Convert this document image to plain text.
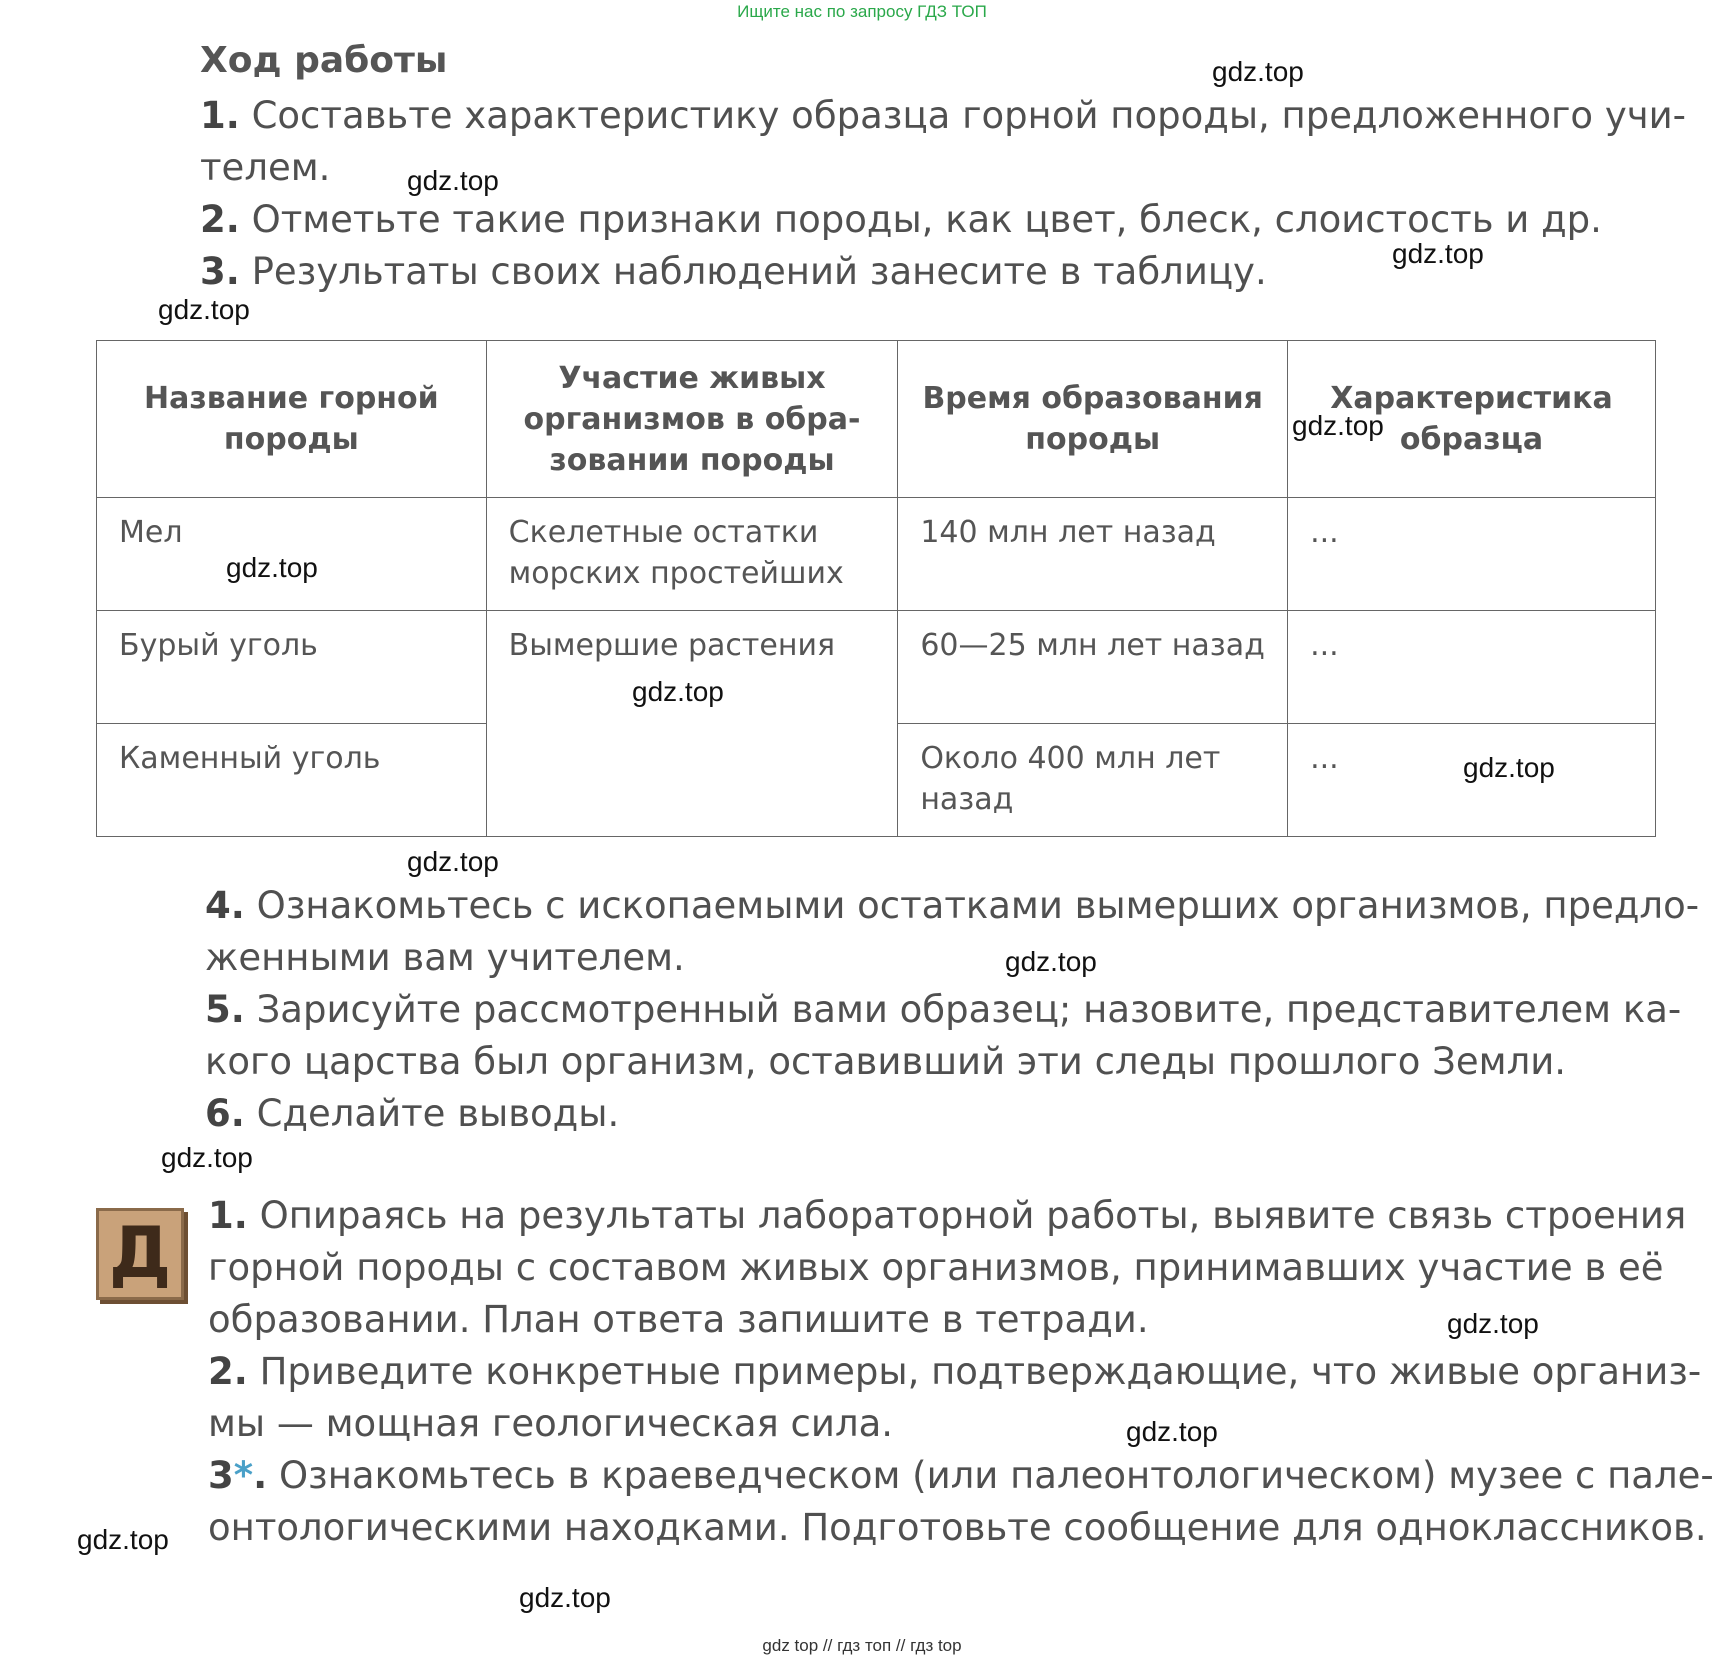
Ищите нас по запросу ГДЗ ТОП
Ход работы
1. Составьте характеристику образца горной породы, предложенного учи-
телем.
2. Отметьте такие признаки породы, как цвет, блеск, слоистость и др.
3. Результаты своих наблюдений занесите в таблицу.
Название горной породы	Участие живых организмов в обра-зовании породы	Время образования породы	Характеристика образца
Мел	Скелетные остатки морских простейших	140 млн лет назад	...
Бурый уголь	Вымершие растения	60—25 млн лет назад	...
Каменный уголь		Около 400 млн лет назад	...
4. Ознакомьтесь с ископаемыми остатками вымерших организмов, предло-
женными вам учителем.
5. Зарисуйте рассмотренный вами образец; назовите, представителем ка-
кого царства был организм, оставивший эти следы прошлого Земли.
6. Сделайте выводы.
Д 1. Опираясь на результаты лабораторной работы, выявите связь строения
горной породы с составом живых организмов, принимавших участие в её
образовании. План ответа запишите в тетради.
2. Приведите конкретные примеры, подтверждающие, что живые организ-
мы — мощная геологическая сила.
3*. Ознакомьтесь в краеведческом (или палеонтологическом) музее с пале-
онтологическими находками. Подготовьте сообщение для одноклассников.
gdz.top
gdz.top
gdz.top
gdz.top
gdz.top
gdz.top
gdz.top
gdz.top
gdz.top
gdz.top
gdz.top
gdz.top
gdz.top
gdz.top
gdz.top
gdz top // гдз топ // гдз top
